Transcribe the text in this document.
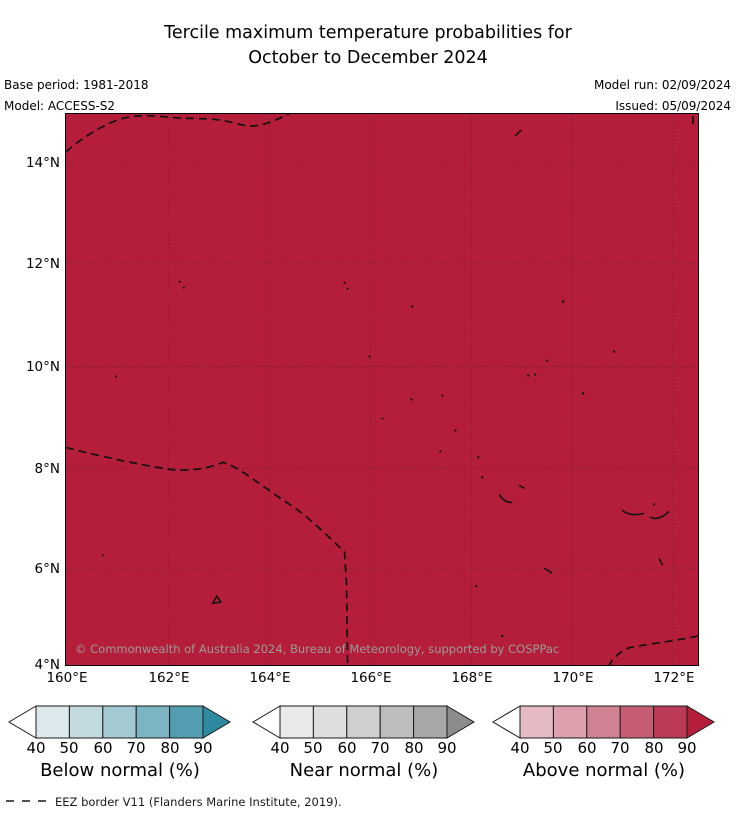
Tercile maximum temperature probabilities for
October to December 2024
Base period: 1981-2018
Model: ACCESS-S2
Model run: 02/09/2024
Issued: 05/09/2024
© Commonwealth of Australia 2024, Bureau of Meteorology, supported by COSPPac
14°N
12°N
10°N
8°N
6°N
4°N
160°E	162°E	164°E	166°E	168°E	170°E	172°E
40 50 60 70 80 90
Below normal (%)
40 50 60 70 80 90
Near normal (%)
40 50 60 70 80 90
Above normal (%)
EEZ border V11 (Flanders Marine Institute, 2019).
